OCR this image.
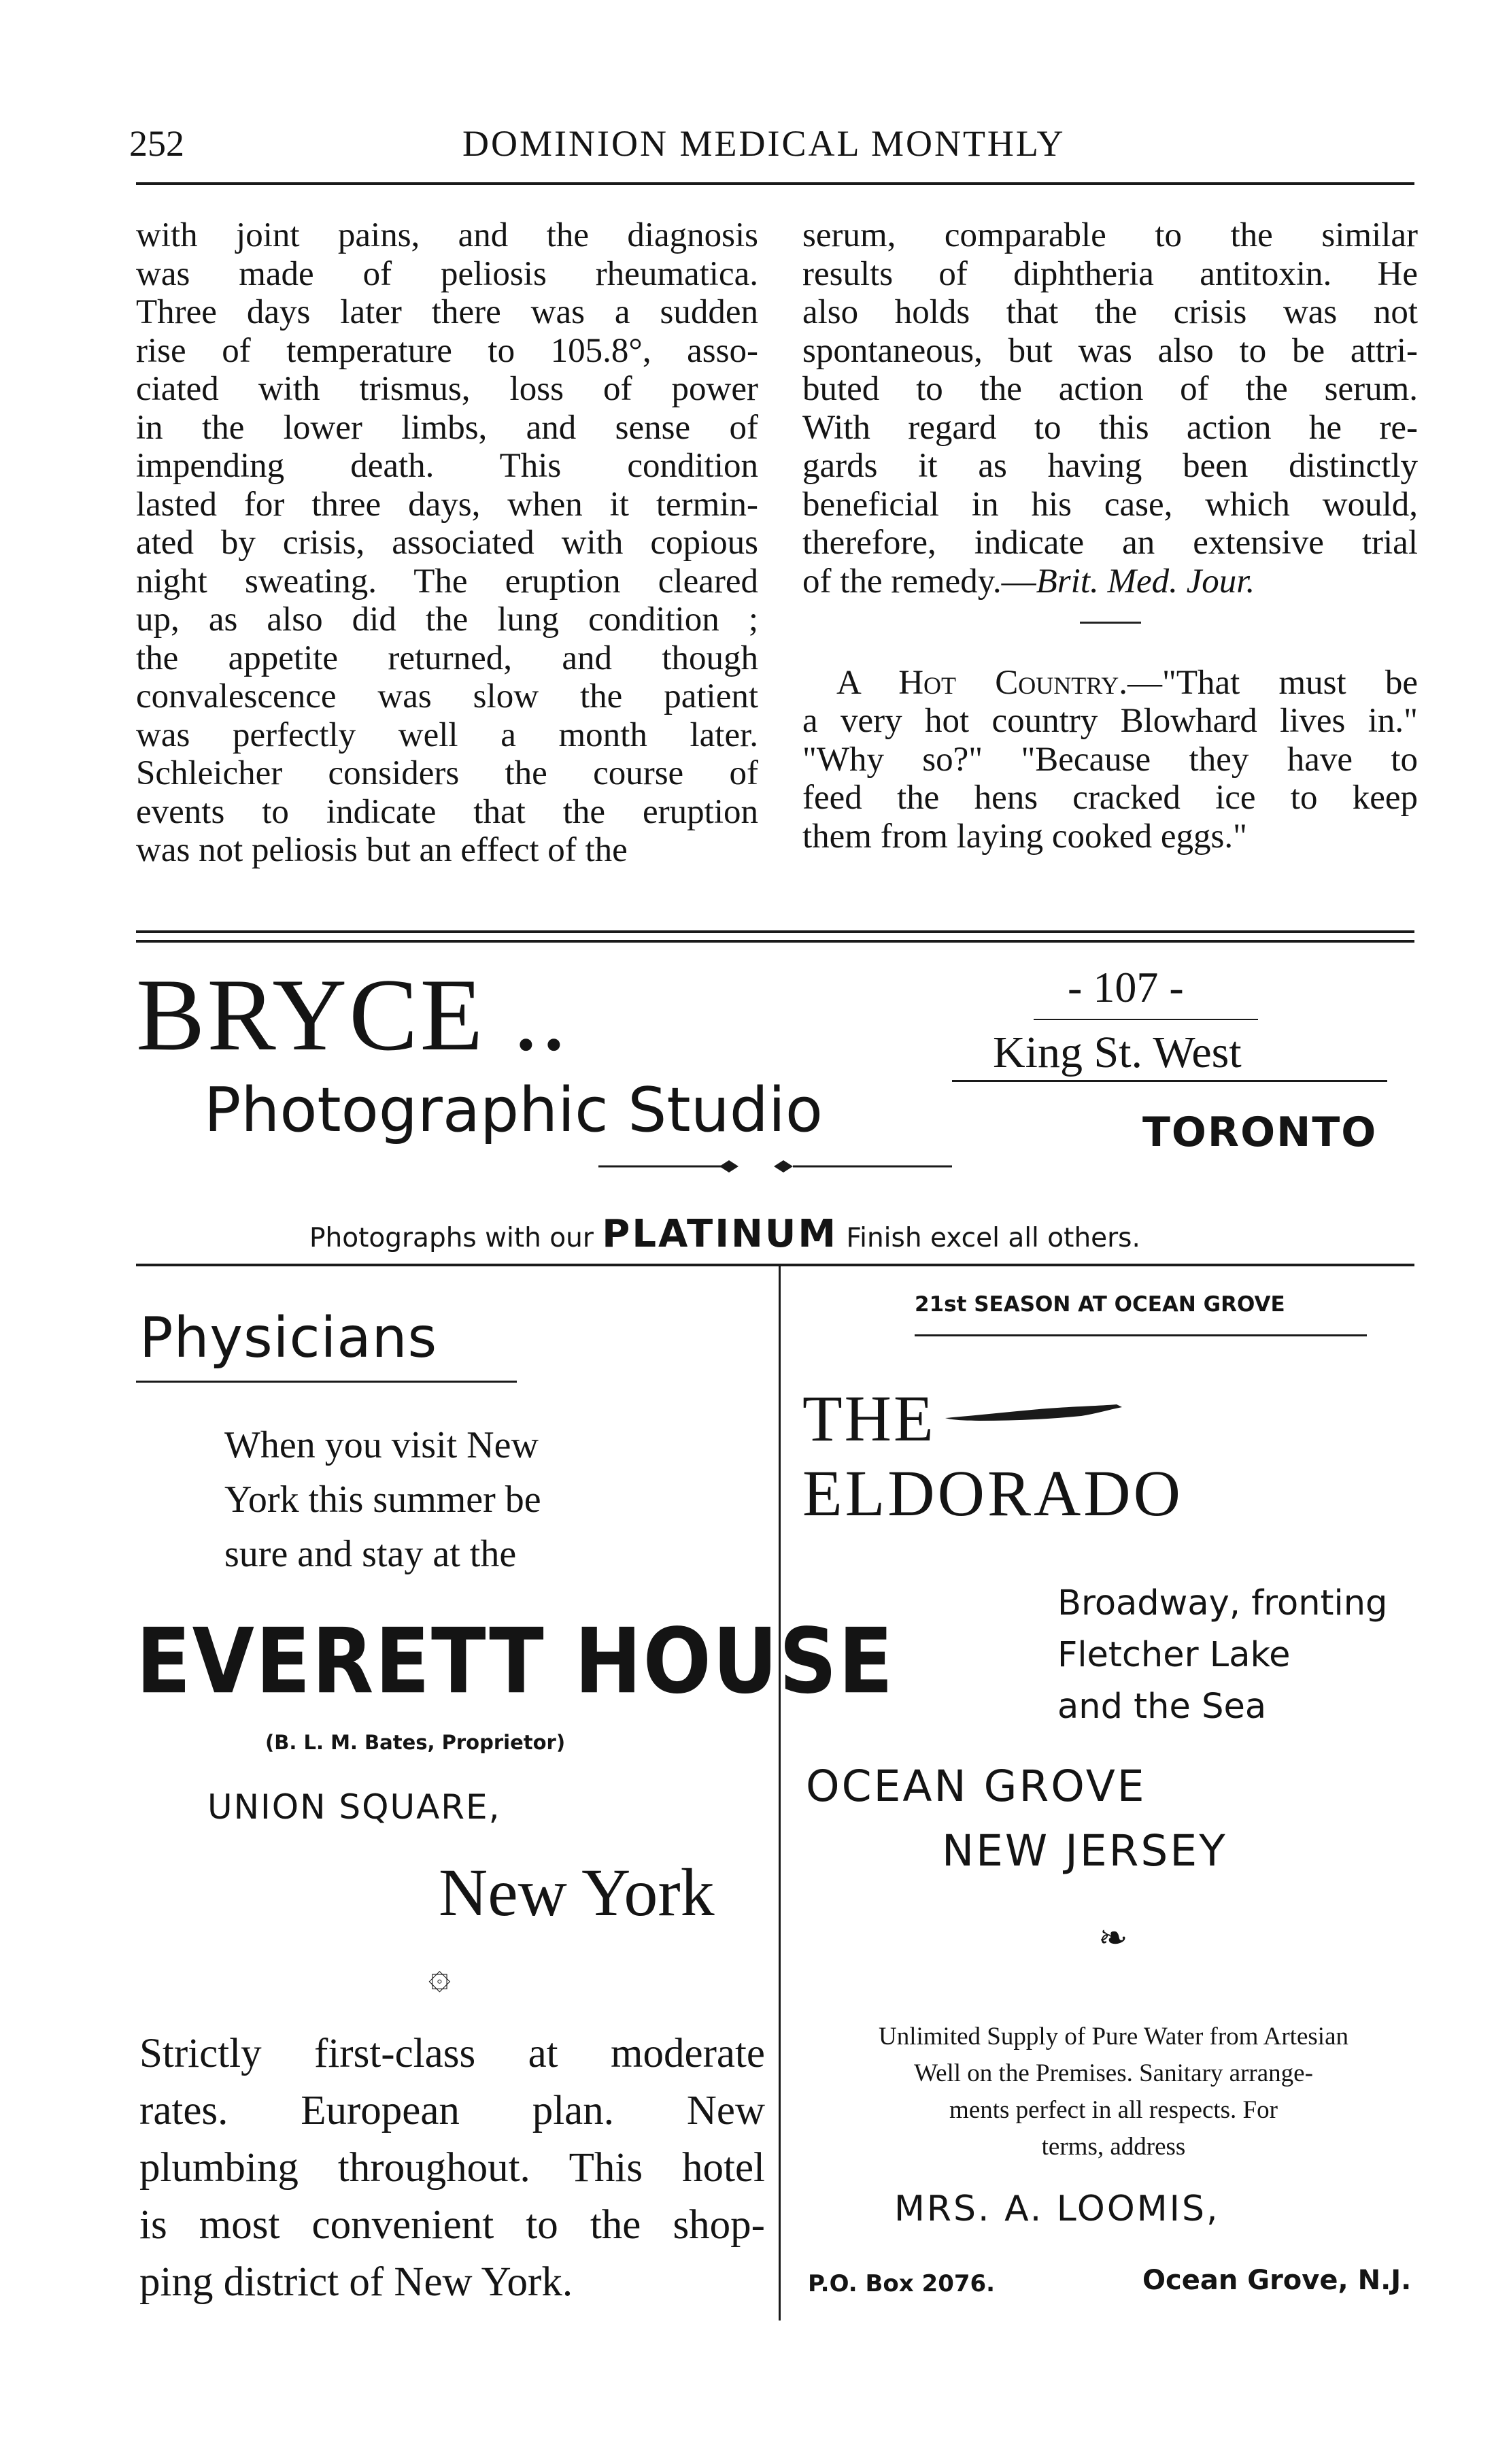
252	DOMINION MEDICAL MONTHLY
with joint pains, and the diagnosis
was made of peliosis rheumatica.
Three days later there was a sudden
rise of temperature to 105.8°, asso-
ciated with trismus, loss of power
in the lower limbs, and sense of
impending death. This condition
lasted for three days, when it termin-
ated by crisis, associated with copious
night sweating. The eruption cleared
up, as also did the lung condition ;
the appetite returned, and though
convalescence was slow the patient
was perfectly well a month later.
Schleicher considers the course of
events to indicate that the eruption
was not peliosis but an effect of the
serum, comparable to the similar
results of diphtheria antitoxin. He
also holds that the crisis was not
spontaneous, but was also to be attri-
buted to the action of the serum.
With regard to this action he re-
gards it as having been distinctly
beneficial in his case, which would,
therefore, indicate an extensive trial
of the remedy.—Brit. Med. Jour.
A Hot Country.—"That must be
a very hot country Blowhard lives in."
"Why so?" "Because they have to
feed the hens cracked ice to keep
them from laying cooked eggs."
BRYCE ..
Photographic Studio
- 107 -
King St. West
TORONTO
Photographs with our PLATINUM Finish excel all others.
Physicians
When you visit New
York this summer be
sure and stay at the
EVERETT HOUSE
(B. L. M. Bates, Proprietor)
UNION SQUARE,
New York
۞
Strictly first-class at moderate
rates. European plan. New
plumbing throughout. This hotel
is most convenient to the shop-
ping district of New York.
21st SEASON AT OCEAN GROVE
THE
ELDORADO
Broadway, fronting
Fletcher Lake
and the Sea
OCEAN GROVE
NEW JERSEY
❧
Unlimited Supply of Pure Water from Artesian
Well on the Premises. Sanitary arrange-
ments perfect in all respects. For
terms, address
MRS. A. LOOMIS,
P.O. Box 2076.	Ocean Grove, N.J.
